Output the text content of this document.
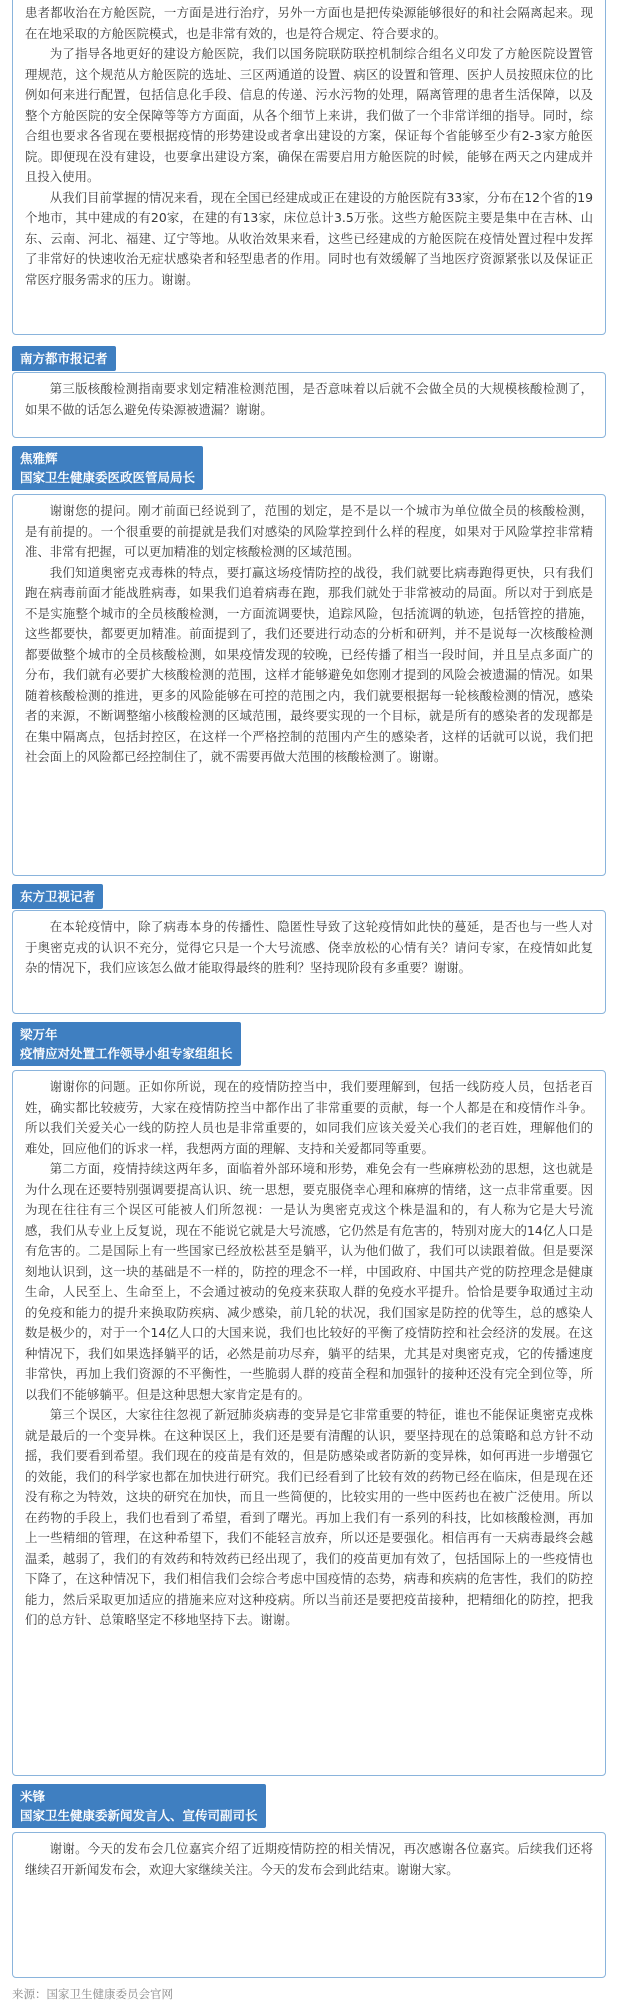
患者都收治在方舱医院，一方面是进行治疗，另外一方面也是把传染源能够很好的和社会隔离起来。现在在地采取的方舱医院模式，也是非常有效的，也是符合规定、符合要求的。

为了指导各地更好的建设方舱医院，我们以国务院联防联控机制综合组名义印发了方舱医院设置管理规范，这个规范从方舱医院的选址、三区两通道的设置、病区的设置和管理、医护人员按照床位的比例如何来进行配置，包括信息化手段、信息的传递、污水污物的处理，隔离管理的患者生活保障，以及整个方舱医院的安全保障等等方方面面，从各个细节上来讲，我们做了一个非常详细的指导。同时，综合组也要求各省现在要根据疫情的形势建设或者拿出建设的方案，保证每个省能够至少有2-3家方舱医院。即便现在没有建设，也要拿出建设方案，确保在需要启用方舱医院的时候，能够在两天之内建成并且投入使用。

从我们目前掌握的情况来看，现在全国已经建成或正在建设的方舱医院有33家，分布在12个省的19个地市，其中建成的有20家，在建的有13家，床位总计3.5万张。这些方舱医院主要是集中在吉林、山东、云南、河北、福建、辽宁等地。从收治效果来看，这些已经建成的方舱医院在疫情处置过程中发挥了非常好的快速收治无症状感染者和轻型患者的作用。同时也有效缓解了当地医疗资源紧张以及保证正常医疗服务需求的压力。谢谢。

南方都市报记者

第三版核酸检测指南要求划定精准检测范围，是否意味着以后就不会做全员的大规模核酸检测了，如果不做的话怎么避免传染源被遗漏？谢谢。

焦雅辉
国家卫生健康委医政医管局局长

谢谢您的提问。刚才前面已经说到了，范围的划定，是不是以一个城市为单位做全员的核酸检测，是有前提的。一个很重要的前提就是我们对感染的风险掌控到什么样的程度，如果对于风险掌控非常精准、非常有把握，可以更加精准的划定核酸检测的区域范围。

我们知道奥密克戎毒株的特点，要打赢这场疫情防控的战役，我们就要比病毒跑得更快，只有我们跑在病毒前面才能战胜病毒，如果我们追着病毒在跑，那我们就处于非常被动的局面。所以对于到底是不是实施整个城市的全员核酸检测，一方面流调要快，追踪风险，包括流调的轨迹，包括管控的措施，这些都要快，都要更加精准。前面提到了，我们还要进行动态的分析和研判，并不是说每一次核酸检测都要做整个城市的全员核酸检测，如果疫情发现的较晚，已经传播了相当一段时间，并且呈点多面广的分布，我们就有必要扩大核酸检测的范围，这样才能够避免如您刚才提到的风险会被遗漏的情况。如果随着核酸检测的推进，更多的风险能够在可控的范围之内，我们就要根据每一轮核酸检测的情况，感染者的来源，不断调整缩小核酸检测的区域范围，最终要实现的一个目标，就是所有的感染者的发现都是在集中隔离点，包括封控区，在这样一个严格控制的范围内产生的感染者，这样的话就可以说，我们把社会面上的风险都已经控制住了，就不需要再做大范围的核酸检测了。谢谢。

东方卫视记者

在本轮疫情中，除了病毒本身的传播性、隐匿性导致了这轮疫情如此快的蔓延，是否也与一些人对于奥密克戎的认识不充分，觉得它只是一个大号流感、侥幸放松的心情有关？请问专家，在疫情如此复杂的情况下，我们应该怎么做才能取得最终的胜利？坚持现阶段有多重要？谢谢。

梁万年
疫情应对处置工作领导小组专家组组长

谢谢你的问题。正如你所说，现在的疫情防控当中，我们要理解到，包括一线防疫人员，包括老百姓，确实都比较疲劳，大家在疫情防控当中都作出了非常重要的贡献，每一个人都是在和疫情作斗争。所以我们关爱关心一线的防控人员也是非常重要的，如同我们应该关爱关心我们的老百姓，理解他们的难处，回应他们的诉求一样，我想两方面的理解、支持和关爱都同等重要。

第二方面，疫情持续这两年多，面临着外部环境和形势，难免会有一些麻痹松劲的思想，这也就是为什么现在还要特别强调要提高认识、统一思想，要克服侥幸心理和麻痹的情绪，这一点非常重要。因为现在往往有三个误区可能被人们所忽视：一是认为奥密克戎这个株是温和的，有人称为它是大号流感，我们从专业上反复说，现在不能说它就是大号流感，它仍然是有危害的，特别对庞大的14亿人口是有危害的。二是国际上有一些国家已经放松甚至是躺平，认为他们做了，我们可以读跟着做。但是要深刻地认识到，这一块的基础是不一样的，防控的理念不一样，中国政府、中国共产党的防控理念是健康生命，人民至上、生命至上，不会通过被动的免疫来获取人群的免疫水平提升。恰恰是要争取通过主动的免疫和能力的提升来换取防疾病、减少感染，前几轮的状况，我们国家是防控的优等生，总的感染人数是极少的，对于一个14亿人口的大国来说，我们也比较好的平衡了疫情防控和社会经济的发展。在这种情况下，我们如果选择躺平的话，必然是前功尽弃，躺平的结果，尤其是对奥密克戎，它的传播速度非常快，再加上我们资源的不平衡性，一些脆弱人群的疫苗全程和加强针的接种还没有完全到位等，所以我们不能够躺平。但是这种思想大家肯定是有的。

第三个误区，大家往往忽视了新冠肺炎病毒的变异是它非常重要的特征，谁也不能保证奥密克戎株就是最后的一个变异株。在这种误区上，我们还是要有清醒的认识，要坚持现在的总策略和总方针不动摇，我们要看到希望。我们现在的疫苗是有效的，但是防感染或者防新的变异株，如何再进一步增强它的效能，我们的科学家也都在加快进行研究。我们已经看到了比较有效的药物已经在临床，但是现在还没有称之为特效，这块的研究在加快，而且一些简便的，比较实用的一些中医药也在被广泛使用。所以在药物的手段上，我们也看到了希望，看到了曙光。再加上我们有一系列的科技，比如核酸检测，再加上一些精细的管理，在这种希望下，我们不能轻言放弃，所以还是要强化。相信再有一天病毒最终会越温柔，越弱了，我们的有效药和特效药已经出现了，我们的疫苗更加有效了，包括国际上的一些疫情也下降了，在这种情况下，我们相信我们会综合考虑中国疫情的态势，病毒和疾病的危害性，我们的防控能力，然后采取更加适应的措施来应对这种疫病。所以当前还是要把疫苗接种，把精细化的防控，把我们的总方针、总策略坚定不移地坚持下去。谢谢。

米锋
国家卫生健康委新闻发言人、宣传司副司长

谢谢。今天的发布会几位嘉宾介绍了近期疫情防控的相关情况，再次感谢各位嘉宾。后续我们还将继续召开新闻发布会，欢迎大家继续关注。今天的发布会到此结束。谢谢大家。

来源：国家卫生健康委员会官网
